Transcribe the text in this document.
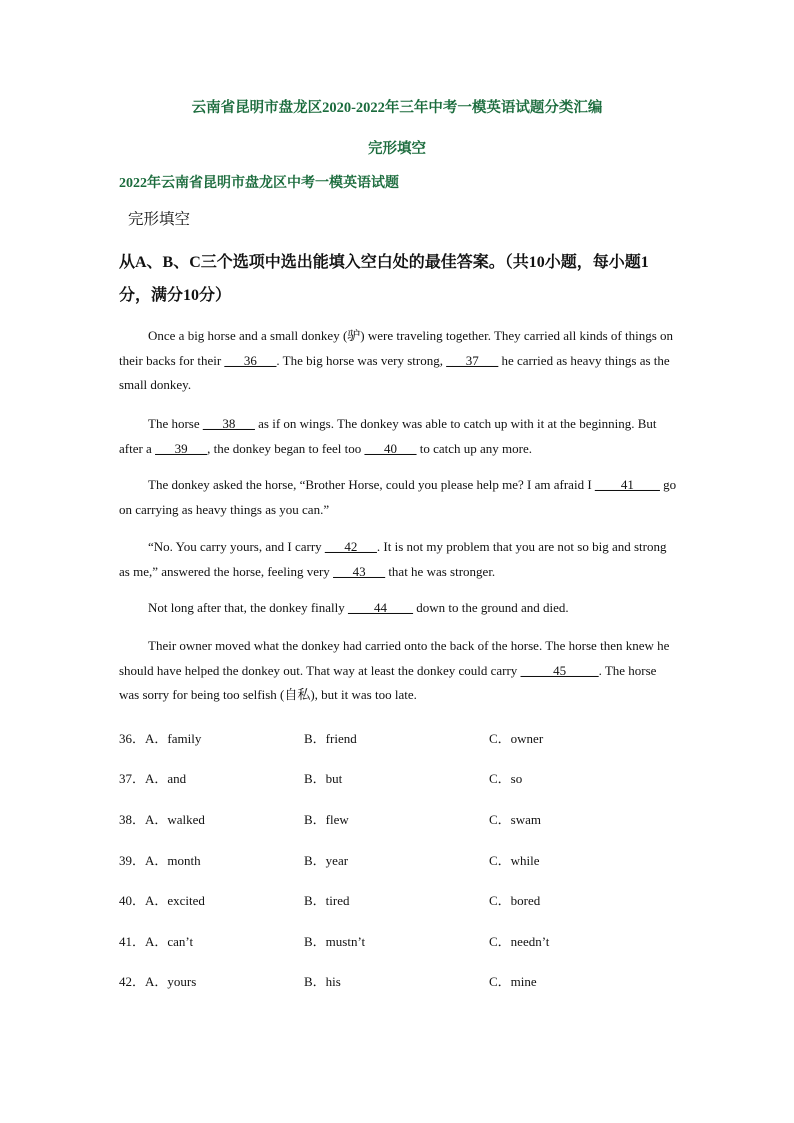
云南省昆明市盘龙区2020-2022年三年中考一模英语试题分类汇编
完形填空
2022年云南省昆明市盘龙区中考一模英语试题
完形填空
从A、B、C三个选项中选出能填入空白处的最佳答案。（共10小题，每小题1分，满分10分）
Once a big horse and a small donkey (驴) were traveling together. They carried all kinds of things on their backs for their ___36___. The big horse was very strong, ___37___ he carried as heavy things as the small donkey.
The horse ___38___ as if on wings. The donkey was able to catch up with it at the beginning. But after a ___39___, the donkey began to feel too ___40___ to catch up any more.
The donkey asked the horse, “Brother Horse, could you please help me? I am afraid I ____41____ go on carrying as heavy things as you can.”
“No. You carry yours, and I carry ___42___. It is not my problem that you are not so big and strong as me,” answered the horse, feeling very ___43___ that he was stronger.
Not long after that, the donkey finally ____44____ down to the ground and died.
Their owner moved what the donkey had carried onto the back of the horse. The horse then knew he should have helped the donkey out. That way at least the donkey could carry _____45_____. The horse was sorry for being too selfish (自私), but it was too late.
36．A．family	B．friend	C．owner
37．A．and	B．but	C．so
38．A．walked	B．flew	C．swam
39．A．month	B．year	C．while
40．A．excited	B．tired	C．bored
41．A．can’t	B．mustn’t	C．needn’t
42．A．yours	B．his	C．mine
